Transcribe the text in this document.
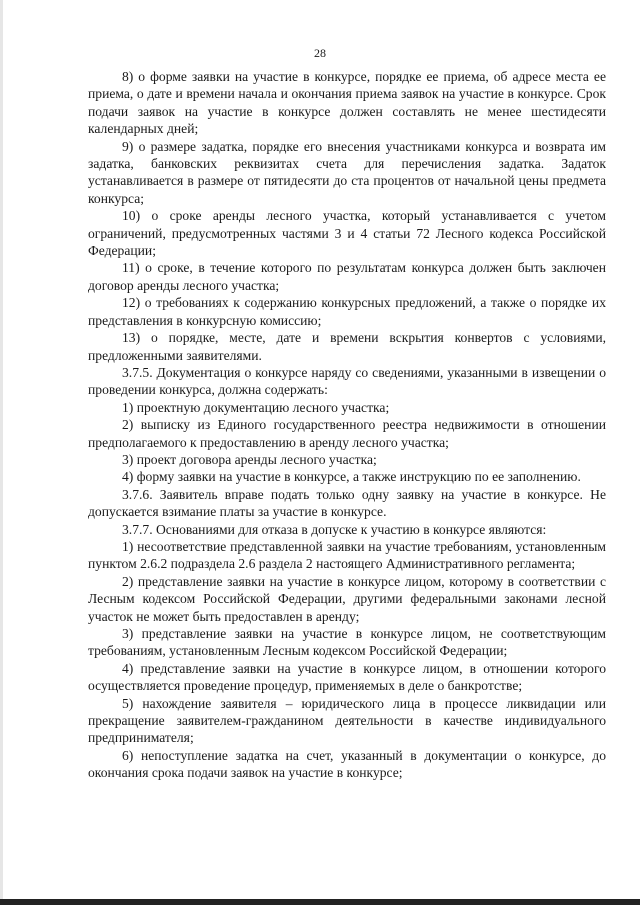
28

8) о форме заявки на участие в конкурсе, порядке ее приема, об адресе места ее приема, о дате и времени начала и окончания приема заявок на участие в конкурсе. Срок подачи заявок на участие в конкурсе должен составлять не менее шестидесяти календарных дней;

9) о размере задатка, порядке его внесения участниками конкурса и возврата им задатка, банковских реквизитах счета для перечисления задатка. Задаток устанавливается в размере от пятидесяти до ста процентов от начальной цены предмета конкурса;

10) о сроке аренды лесного участка, который устанавливается с учетом ограничений, предусмотренных частями 3 и 4 статьи 72 Лесного кодекса Российской Федерации;

11) о сроке, в течение которого по результатам конкурса должен быть заключен договор аренды лесного участка;

12) о требованиях к содержанию конкурсных предложений, а также о порядке их представления в конкурсную комиссию;

13) о порядке, месте, дате и времени вскрытия конвертов с условиями, предложенными заявителями.

3.7.5. Документация о конкурсе наряду со сведениями, указанными в извещении о проведении конкурса, должна содержать:

1) проектную документацию лесного участка;

2) выписку из Единого государственного реестра недвижимости в отношении предполагаемого к предоставлению в аренду лесного участка;

3) проект договора аренды лесного участка;

4) форму заявки на участие в конкурсе, а также инструкцию по ее заполнению.

3.7.6. Заявитель вправе подать только одну заявку на участие в конкурсе. Не допускается взимание платы за участие в конкурсе.

3.7.7. Основаниями для отказа в допуске к участию в конкурсе являются:

1) несоответствие представленной заявки на участие требованиям, установленным пунктом 2.6.2 подраздела 2.6 раздела 2 настоящего Административного регламента;

2) представление заявки на участие в конкурсе лицом, которому в соответствии с Лесным кодексом Российской Федерации, другими федеральными законами лесной участок не может быть предоставлен в аренду;

3) представление заявки на участие в конкурсе лицом, не соответствующим требованиям, установленным Лесным кодексом Российской Федерации;

4) представление заявки на участие в конкурсе лицом, в отношении которого осуществляется проведение процедур, применяемых в деле о банкротстве;

5) нахождение заявителя – юридического лица в процессе ликвидации или прекращение заявителем-гражданином деятельности в качестве индивидуального предпринимателя;

6) непоступление задатка на счет, указанный в документации о конкурсе, до окончания срока подачи заявок на участие в конкурсе;
